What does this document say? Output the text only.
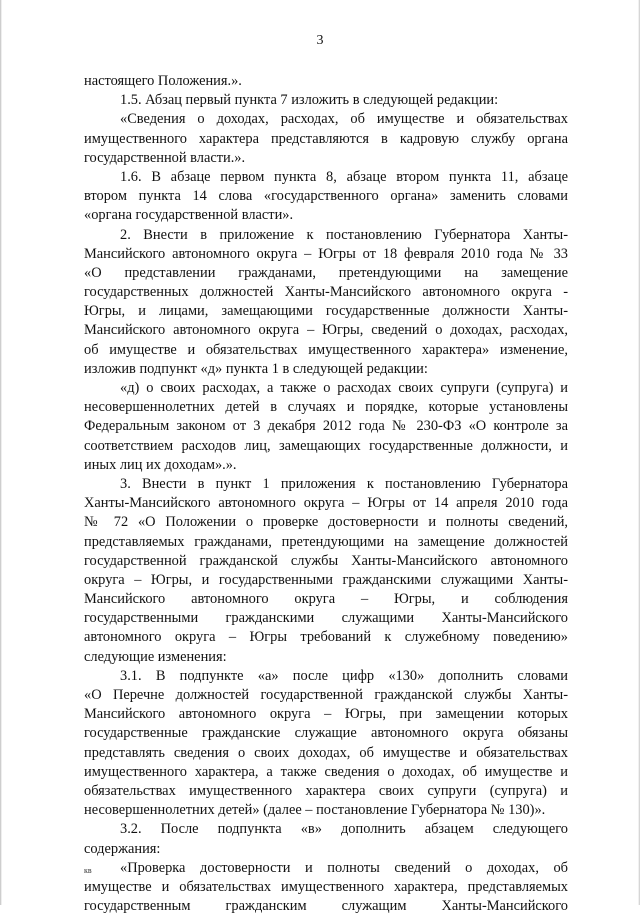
3
настоящего Положения.».
1.5. Абзац первый пункта 7 изложить в следующей редакции:
«Сведения о доходах, расходах, об имуществе и обязательствах
имущественного характера представляются в кадровую службу органа
государственной власти.».
1.6. В абзаце первом пункта 8, абзаце втором пункта 11, абзаце
втором пункта 14 слова «государственного органа» заменить словами
«органа государственной власти».
2. Внести в приложение к постановлению Губернатора Ханты-
Мансийского автономного округа – Югры от 18 февраля 2010 года № 33
«О представлении гражданами, претендующими на замещение
государственных должностей Ханты-Мансийского автономного округа -
Югры, и лицами, замещающими государственные должности Ханты-
Мансийского автономного округа – Югры, сведений о доходах, расходах,
об имуществе и обязательствах имущественного характера» изменение,
изложив подпункт «д» пункта 1 в следующей редакции:
«д) о своих расходах, а также о расходах своих супруги (супруга) и
несовершеннолетних детей в случаях и порядке, которые установлены
Федеральным законом от 3 декабря 2012 года № 230-ФЗ «О контроле за
соответствием расходов лиц, замещающих государственные должности, и
иных лиц их доходам».».
3. Внести в пункт 1 приложения к постановлению Губернатора
Ханты-Мансийского автономного округа – Югры от 14 апреля 2010 года
№ 72 «О Положении о проверке достоверности и полноты сведений,
представляемых гражданами, претендующими на замещение должностей
государственной гражданской службы Ханты-Мансийского автономного
округа – Югры, и государственными гражданскими служащими Ханты-
Мансийского автономного округа – Югры, и соблюдения
государственными гражданскими служащими Ханты-Мансийского
автономного округа – Югры требований к служебному поведению»
следующие изменения:
3.1. В подпункте «а» после цифр «130» дополнить словами
«О Перечне должностей государственной гражданской службы Ханты-
Мансийского автономного округа – Югры, при замещении которых
государственные гражданские служащие автономного округа обязаны
представлять сведения о своих доходах, об имуществе и обязательствах
имущественного характера, а также сведения о доходах, об имуществе и
обязательствах имущественного характера своих супруги (супруга) и
несовершеннолетних детей» (далее – постановление Губернатора № 130)».
3.2. После подпункта «в» дополнить абзацем следующего
содержания:
«Проверка достоверности и полноты сведений о доходах, об
имуществе и обязательствах имущественного характера, представляемых
государственным гражданским служащим Ханты-Мансийского
кв
